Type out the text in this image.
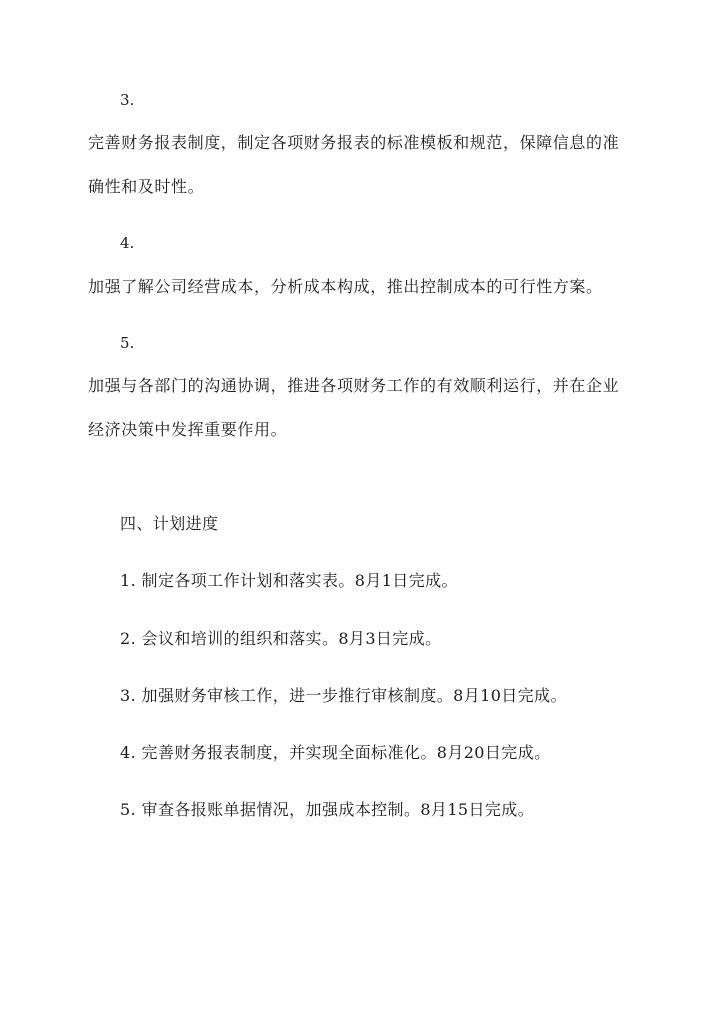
3.
完善财务报表制度，制定各项财务报表的标准模板和规范，保障信息的准
确性和及时性。
4.
加强了解公司经营成本，分析成本构成，推出控制成本的可行性方案。
5.
加强与各部门的沟通协调，推进各项财务工作的有效顺利运行，并在企业
经济决策中发挥重要作用。
四、计划进度
1. 制定各项工作计划和落实表。8月1日完成。
2. 会议和培训的组织和落实。8月3日完成。
3. 加强财务审核工作，进一步推行审核制度。8月10日完成。
4. 完善财务报表制度，并实现全面标准化。8月20日完成。
5. 审查各报账单据情况，加强成本控制。8月15日完成。
